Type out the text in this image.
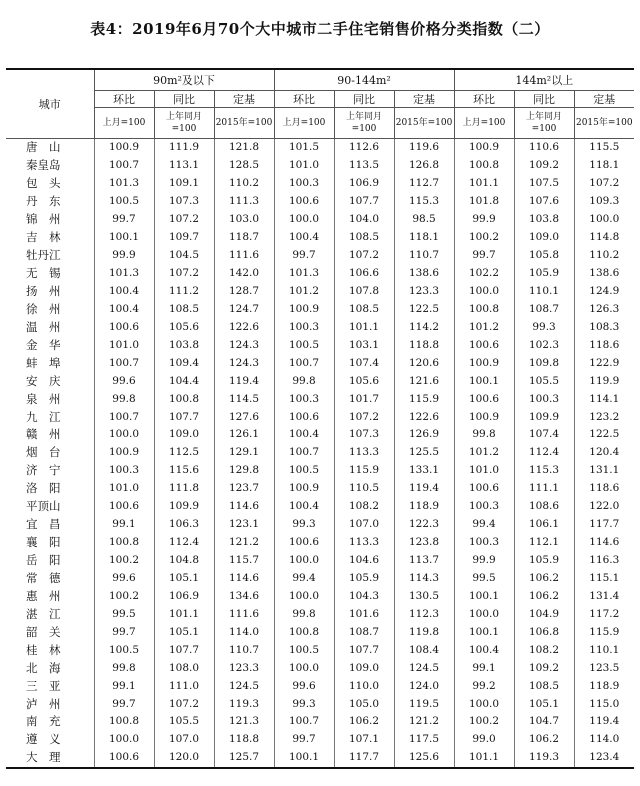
表4：2019年6月70个大中城市二手住宅销售价格分类指数（二）
城市	90m²及以下			90-144m²			144m²以上		
	环比	同比	定基	环比	同比	定基	环比	同比	定基
	上月=100	上年同月=100	2015年=100	上月=100	上年同月=100	2015年=100	上月=100	上年同月=100	2015年=100
唐　山	100.9	111.9	121.8	101.5	112.6	119.6	100.9	110.6	115.5
秦皇岛	100.7	113.1	128.5	101.0	113.5	126.8	100.8	109.2	118.1
包　头	101.3	109.1	110.2	100.3	106.9	112.7	101.1	107.5	107.2
丹　东	100.5	107.3	111.3	100.6	107.7	115.3	101.8	107.6	109.3
锦　州	99.7	107.2	103.0	100.0	104.0	98.5	99.9	103.8	100.0
吉　林	100.1	109.7	118.7	100.4	108.5	118.1	100.2	109.0	114.8
牡丹江	99.9	104.5	111.6	99.7	107.2	110.7	99.7	105.8	110.2
无　锡	101.3	107.2	142.0	101.3	106.6	138.6	102.2	105.9	138.6
扬　州	100.4	111.2	128.7	101.2	107.8	123.3	100.0	110.1	124.9
徐　州	100.4	108.5	124.7	100.9	108.5	122.5	100.8	108.7	126.3
温　州	100.6	105.6	122.6	100.3	101.1	114.2	101.2	99.3	108.3
金　华	101.0	103.8	124.3	100.5	103.1	118.8	100.6	102.3	118.6
蚌　埠	100.7	109.4	124.3	100.7	107.4	120.6	100.9	109.8	122.9
安　庆	99.6	104.4	119.4	99.8	105.6	121.6	100.1	105.5	119.9
泉　州	99.8	100.8	114.5	100.3	101.7	115.9	100.6	100.3	114.1
九　江	100.7	107.7	127.6	100.6	107.2	122.6	100.9	109.9	123.2
赣　州	100.0	109.0	126.1	100.4	107.3	126.9	99.8	107.4	122.5
烟　台	100.9	112.5	129.1	100.7	113.3	125.5	101.2	112.4	120.4
济　宁	100.3	115.6	129.8	100.5	115.9	133.1	101.0	115.3	131.1
洛　阳	101.0	111.8	123.7	100.9	110.5	119.4	100.6	111.1	118.6
平顶山	100.6	109.9	114.6	100.4	108.2	118.9	100.3	108.6	122.0
宜　昌	99.1	106.3	123.1	99.3	107.0	122.3	99.4	106.1	117.7
襄　阳	100.8	112.4	121.2	100.6	113.3	123.8	100.3	112.1	114.6
岳　阳	100.2	104.8	115.7	100.0	104.6	113.7	99.9	105.9	116.3
常　德	99.6	105.1	114.6	99.4	105.9	114.3	99.5	106.2	115.1
惠　州	100.2	106.9	134.6	100.0	104.3	130.5	100.1	106.2	131.4
湛　江	99.5	101.1	111.6	99.8	101.6	112.3	100.0	104.9	117.2
韶　关	99.7	105.1	114.0	100.8	108.7	119.8	100.1	106.8	115.9
桂　林	100.5	107.7	110.7	100.5	107.7	108.4	100.4	108.2	110.1
北　海	99.8	108.0	123.3	100.0	109.0	124.5	99.1	109.2	123.5
三　亚	99.1	111.0	124.5	99.6	110.0	124.0	99.2	108.5	118.9
泸　州	99.7	107.2	119.3	99.3	105.0	119.5	100.0	105.1	115.0
南　充	100.8	105.5	121.3	100.7	106.2	121.2	100.2	104.7	119.4
遵　义	100.0	107.0	118.8	99.7	107.1	117.5	99.0	106.2	114.0
大　理	100.6	120.0	125.7	100.1	117.7	125.6	101.1	119.3	123.4
